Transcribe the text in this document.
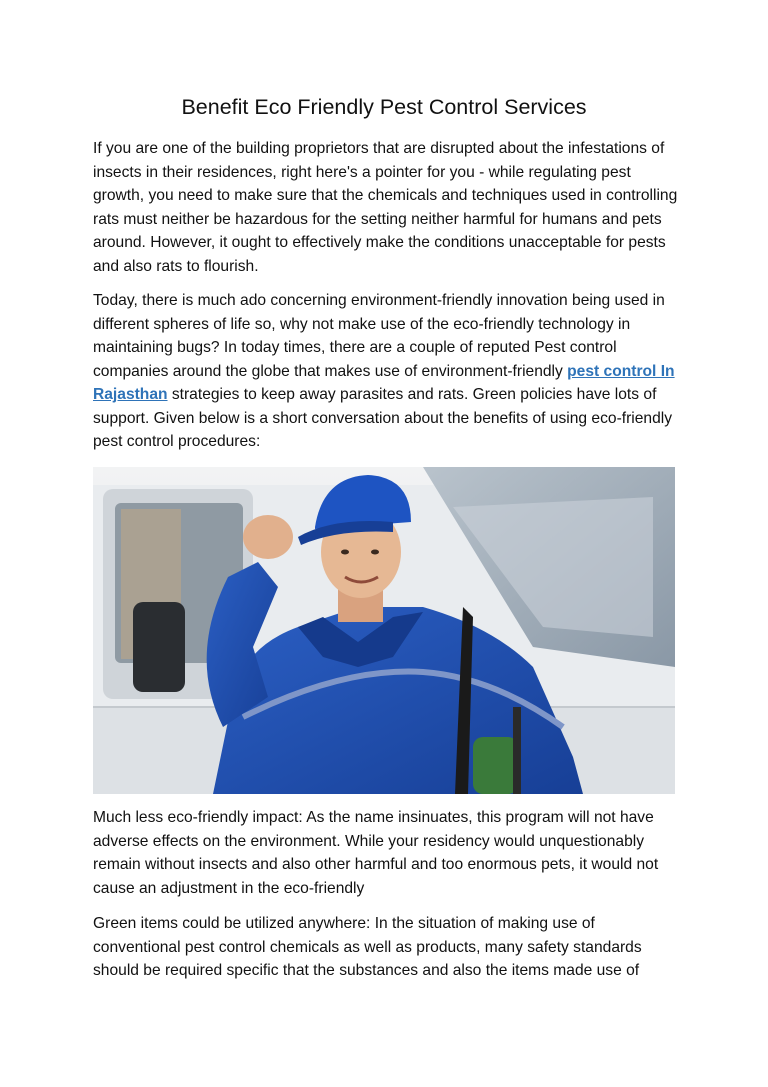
Benefit Eco Friendly Pest Control Services

If you are one of the building proprietors that are disrupted about the infestations of insects in their residences, right here's a pointer for you - while regulating pest growth, you need to make sure that the chemicals and techniques used in controlling rats must neither be hazardous for the setting neither harmful for humans and pets around. However, it ought to effectively make the conditions unacceptable for pests and also rats to flourish.

Today, there is much ado concerning environment-friendly innovation being used in different spheres of life so, why not make use of the eco-friendly technology in maintaining bugs? In today times, there are a couple of reputed Pest control companies around the globe that makes use of environment-friendly pest control In Rajasthan strategies to keep away parasites and rats. Green policies have lots of support. Given below is a short conversation about the benefits of using eco-friendly pest control procedures:

Much less eco-friendly impact: As the name insinuates, this program will not have adverse effects on the environment. While your residency would unquestionably remain without insects and also other harmful and too enormous pets, it would not cause an adjustment in the eco-friendly

Green items could be utilized anywhere: In the situation of making use of conventional pest control chemicals as well as products, many safety standards should be required specific that the substances and also the items made use of
